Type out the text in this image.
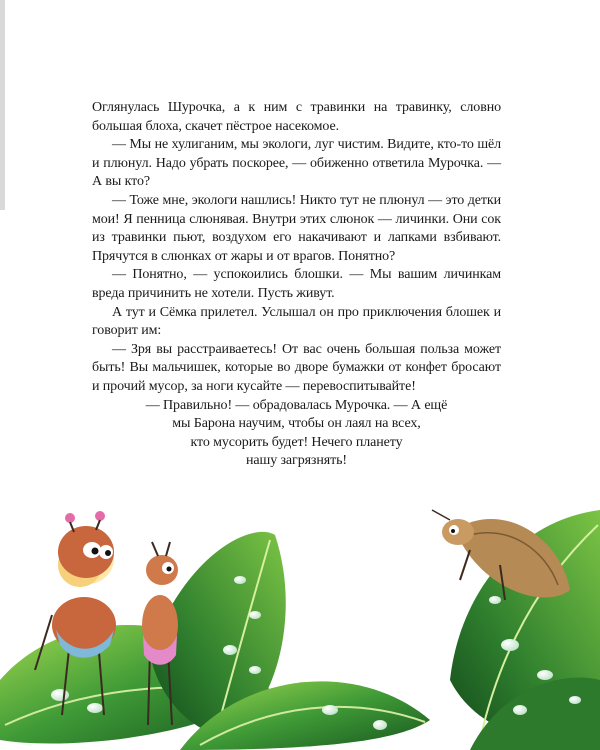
Оглянулась Шурочка, а к ним с травинки на травинку, словно большая блоха, скачет пёстрое насекомое.

— Мы не хулиганим, мы экологи, луг чистим. Видите, кто-то шёл и плюнул. Надо убрать поскорее, — обиженно ответила Мурочка. — А вы кто?

— Тоже мне, экологи нашлись! Никто тут не плюнул — это детки мои! Я пенница слюнявая. Внутри этих слюнок — личинки. Они сок из травинки пьют, воздухом его накачивают и лапками взбивают. Прячутся в слюнках от жары и от врагов. Понятно?

— Понятно, — успокоились блошки. — Мы вашим личинкам вреда причинить не хотели. Пусть живут.

А тут и Сёмка прилетел. Услышал он про приключения блошек и говорит им:

— Зря вы расстраиваетесь! От вас очень большая польза может быть! Вы мальчишек, которые во дворе бумажки от конфет бросают и прочий мусор, за ноги кусайте — перевоспитывайте!

— Правильно! — обрадовалась Мурочка. — А ещё
мы Барона научим, чтобы он лаял на всех,
кто мусорить будет! Нечего планету
нашу загрязнять!
